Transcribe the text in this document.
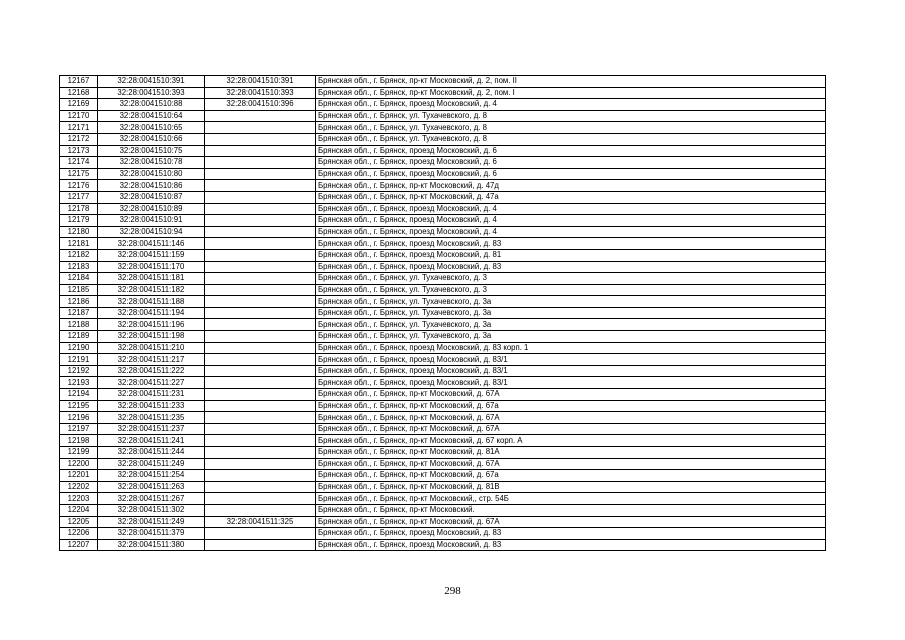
12167	32:28:0041510:391	32:28:0041510:391	Брянская обл., г. Брянск, пр-кт Московский, д. 2, пом. II
12168	32:28:0041510:393	32:28:0041510:393	Брянская обл., г. Брянск, пр-кт Московский, д. 2, пом. I
12169	32:28:0041510:88	32:28:0041510:396	Брянская обл., г. Брянск, проезд Московский, д. 4
12170	32:28:0041510:64		Брянская обл., г. Брянск, ул. Тухачевского, д. 8
12171	32:28:0041510:65		Брянская обл., г. Брянск, ул. Тухачевского, д. 8
12172	32:28:0041510:66		Брянская обл., г. Брянск, ул. Тухачевского, д. 8
12173	32:28:0041510:75		Брянская обл., г. Брянск, проезд Московский, д. 6
12174	32:28:0041510:78		Брянская обл., г. Брянск, проезд Московский, д. 6
12175	32:28:0041510:80		Брянская обл., г. Брянск, проезд Московский, д. 6
12176	32:28:0041510:86		Брянская обл., г. Брянск, пр-кт Московский, д. 47д
12177	32:28:0041510:87		Брянская обл., г. Брянск, пр-кт Московский, д. 47а
12178	32:28:0041510:89		Брянская обл., г. Брянск, проезд Московский, д. 4
12179	32:28:0041510:91		Брянская обл., г. Брянск, проезд Московский, д. 4
12180	32:28:0041510:94		Брянская обл., г. Брянск, проезд Московский, д. 4
12181	32:28:0041511:146		Брянская обл., г. Брянск, проезд Московский, д. 83
12182	32:28:0041511:159		Брянская обл., г. Брянск, проезд Московский, д. 81
12183	32:28:0041511:170		Брянская обл., г. Брянск, проезд Московский, д. 83
12184	32:28:0041511:181		Брянская обл., г. Брянск, ул. Тухачевского, д. 3
12185	32:28:0041511:182		Брянская обл., г. Брянск, ул. Тухачевского, д. 3
12186	32:28:0041511:188		Брянская обл., г. Брянск, ул. Тухачевского, д. 3а
12187	32:28:0041511:194		Брянская обл., г. Брянск, ул. Тухачевского, д. 3а
12188	32:28:0041511:196		Брянская обл., г. Брянск, ул. Тухачевского, д. 3а
12189	32:28:0041511:198		Брянская обл., г. Брянск, ул. Тухачевского, д. 3а
12190	32:28:0041511:210		Брянская обл., г. Брянск, проезд Московский, д. 83 корп. 1
12191	32:28:0041511:217		Брянская обл., г. Брянск, проезд Московский, д. 83/1
12192	32:28:0041511:222		Брянская обл., г. Брянск, проезд Московский, д. 83/1
12193	32:28:0041511:227		Брянская обл., г. Брянск, проезд Московский, д. 83/1
12194	32:28:0041511:231		Брянская обл., г. Брянск, пр-кт Московский, д. 67А
12195	32:28:0041511:233		Брянская обл., г. Брянск, пр-кт Московский, д. 67а
12196	32:28:0041511:235		Брянская обл., г. Брянск, пр-кт Московский, д. 67А
12197	32:28:0041511:237		Брянская обл., г. Брянск, пр-кт Московский, д. 67А
12198	32:28:0041511:241		Брянская обл., г. Брянск, пр-кт Московский, д. 67 корп. А
12199	32:28:0041511:244		Брянская обл., г. Брянск, пр-кт Московский, д. 81А
12200	32:28:0041511:249		Брянская обл., г. Брянск, пр-кт Московский, д. 67А
12201	32:28:0041511:254		Брянская обл., г. Брянск, пр-кт Московский, д. 67а
12202	32:28:0041511:263		Брянская обл., г. Брянск, пр-кт Московский, д. 81В
12203	32:28:0041511:267		Брянская обл., г. Брянск, пр-кт Московский,, стр. 54Б
12204	32:28:0041511:302		Брянская обл., г. Брянск, пр-кт Московский.
12205	32:28:0041511:249	32:28:0041511:325	Брянская обл., г. Брянск, пр-кт Московский, д. 67А
12206	32:28:0041511:379		Брянская обл., г. Брянск, проезд Московский, д. 83
12207	32:28:0041511:380		Брянская обл., г. Брянск, проезд Московский, д. 83
298
